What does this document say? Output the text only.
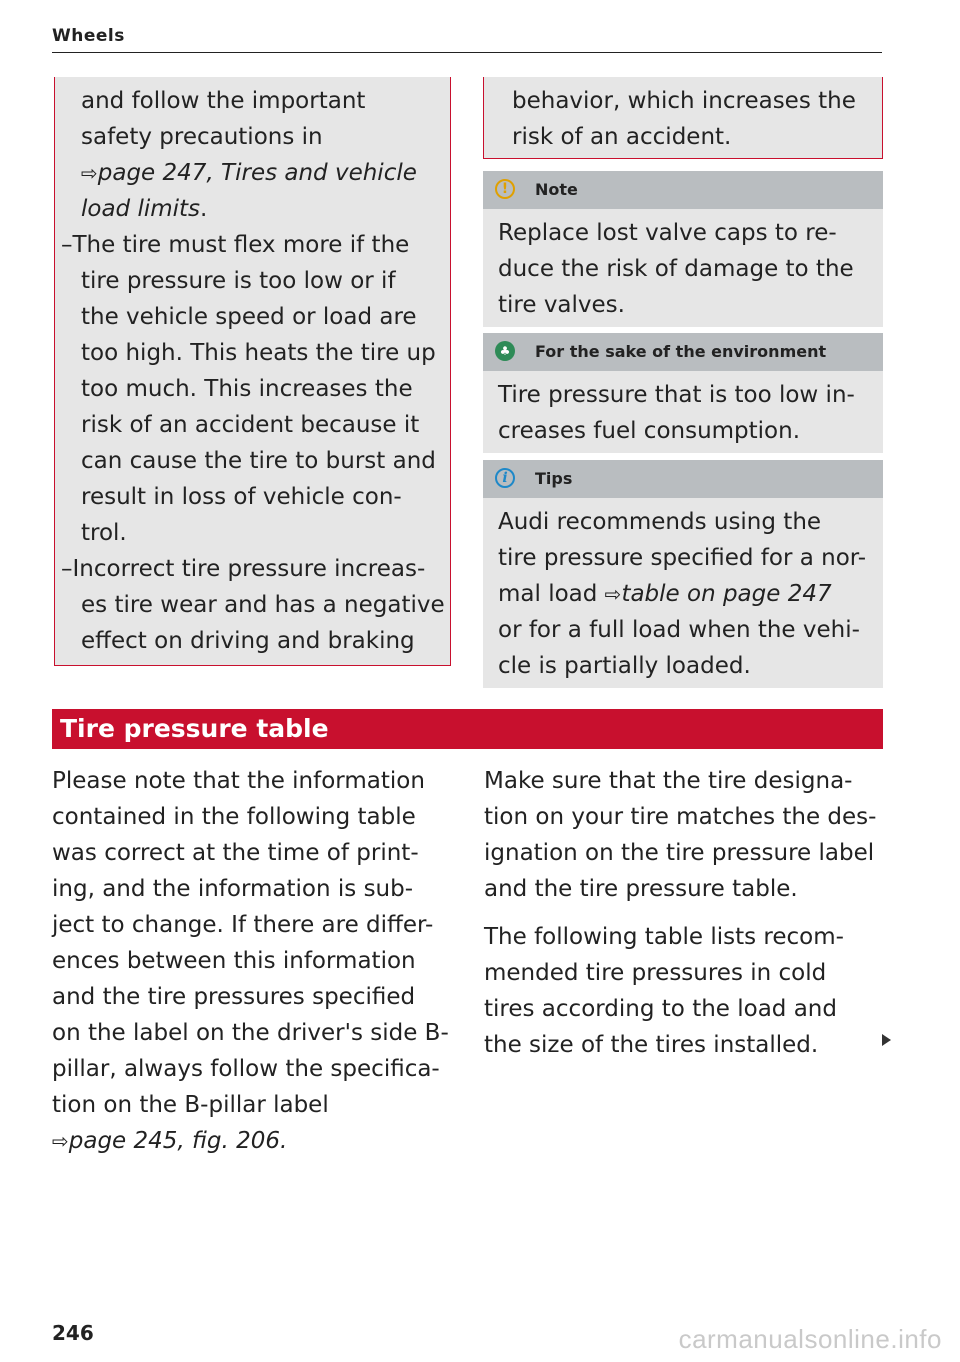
Wheels
and follow the important
safety precautions in
⇨page 247, Tires and vehicle
load limits.
–The tire must flex more if the
tire pressure is too low or if
the vehicle speed or load are
too high. This heats the tire up
too much. This increases the
risk of an accident because it
can cause the tire to burst and
result in loss of vehicle con-
trol.
–Incorrect tire pressure increas-
es tire wear and has a negative
effect on driving and braking
behavior, which increases the
risk of an accident.
!	Note
Replace lost valve caps to re-
duce the risk of damage to the
tire valves.
♣ For the sake of the environment
Tire pressure that is too low in-
creases fuel consumption.
i	Tips
Audi recommends using the
tire pressure specified for a nor-
mal load ⇨table on page 247
or for a full load when the vehi-
cle is partially loaded.
Tire pressure table
Please note that the information
contained in the following table
was correct at the time of print-
ing, and the information is sub-
ject to change. If there are differ-
ences between this information
and the tire pressures specified
on the label on the driver's side B-
pillar, always follow the specifica-
tion on the B-pillar label
⇨page 245, fig. 206.
Make sure that the tire designa-
tion on your tire matches the des-
ignation on the tire pressure label
and the tire pressure table.
The following table lists recom-
mended tire pressures in cold
tires according to the load and
the size of the tires installed.
246	carmanualsonline.info
